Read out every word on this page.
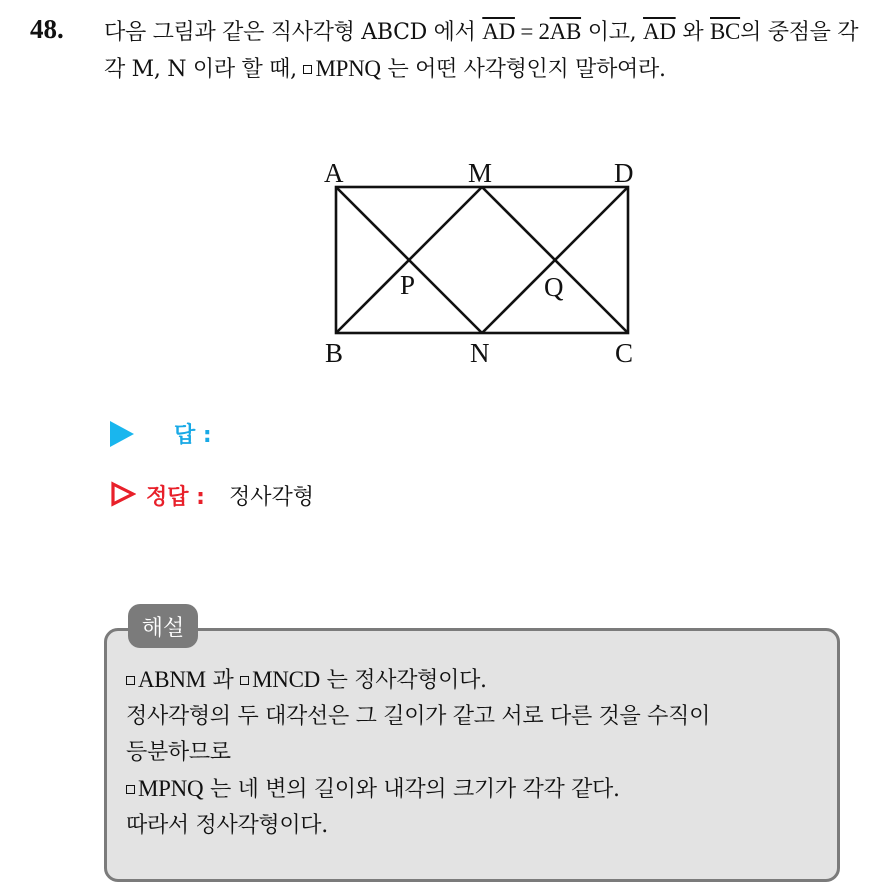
48. 다음 그림과 같은 직사각형 ABCD 에서 $\overline{AD} = 2\overline{AB}$ 이고, $\overline{AD}$ 와 $\overline{BC}$의 중점을 각각 M, N 이라 할 때, MPNQ 는 어떤 사각형인지 말하여라.
A	M	D
P	Q
B	N	C
답 :
정답 : 정사각형
해설
ABNM 과 MNCD 는 정사각형이다.
정사각형의 두 대각선은 그 길이가 같고 서로 다른 것을 수직이
등분하므로
MPNQ 는 네 변의 길이와 내각의 크기가 각각 같다.
따라서 정사각형이다.
